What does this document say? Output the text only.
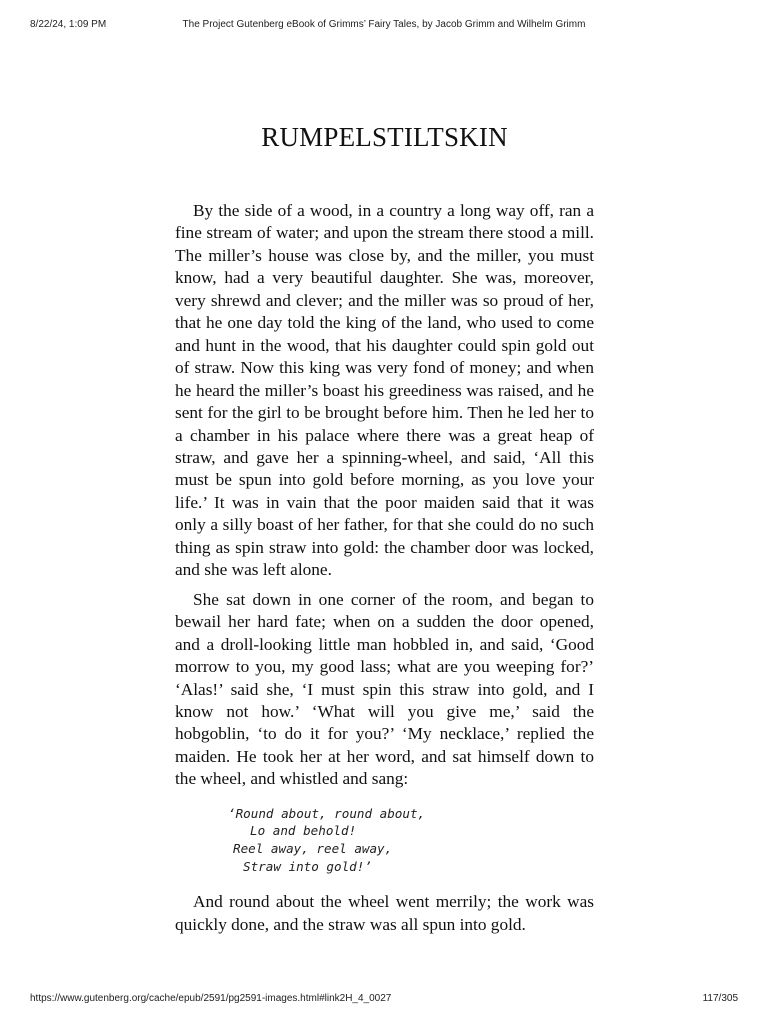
8/22/24, 1:09 PM	The Project Gutenberg eBook of Grimms’ Fairy Tales, by Jacob Grimm and Wilhelm Grimm
RUMPELSTILTSKIN

By the side of a wood, in a country a long way off, ran a fine stream of water; and upon the stream there stood a mill. The miller’s house was close by, and the miller, you must know, had a very beautiful daughter. She was, moreover, very shrewd and clever; and the miller was so proud of her, that he one day told the king of the land, who used to come and hunt in the wood, that his daughter could spin gold out of straw. Now this king was very fond of money; and when he heard the miller’s boast his greediness was raised, and he sent for the girl to be brought before him. Then he led her to a chamber in his palace where there was a great heap of straw, and gave her a spinning-wheel, and said, ‘All this must be spun into gold before morning, as you love your life.’ It was in vain that the poor maiden said that it was only a silly boast of her father, for that she could do no such thing as spin straw into gold: the chamber door was locked, and she was left alone.

She sat down in one corner of the room, and began to bewail her hard fate; when on a sudden the door opened, and a droll-looking little man hobbled in, and said, ‘Good morrow to you, my good lass; what are you weeping for?’ ‘Alas!’ said she, ‘I must spin this straw into gold, and I know not how.’ ‘What will you give me,’ said the hobgoblin, ‘to do it for you?’ ‘My necklace,’ replied the maiden. He took her at her word, and sat himself down to the wheel, and whistled and sang:

‘Round about, round about,
Lo and behold!
Reel away, reel away,
Straw into gold!’

And round about the wheel went merrily; the work was quickly done, and the straw was all spun into gold.

https://www.gutenberg.org/cache/epub/2591/pg2591-images.html#link2H_4_0027	117/305
